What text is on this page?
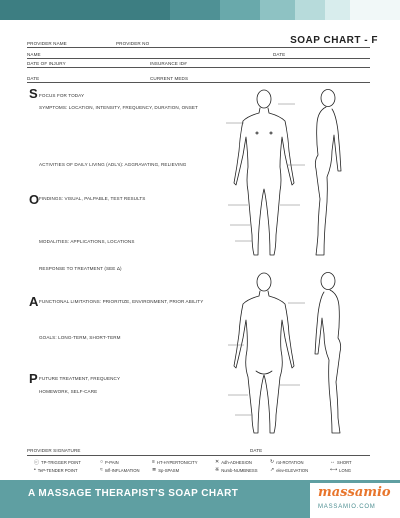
SOAP CHART - F
PROVIDER NAME	PROVIDER NO
NAME	DATE
DATE OF INJURY	INSURANCE ID#
DATE	CURRENT MEDS
S FOCUS FOR TODAY
SYMPTOMS: LOCATION, INTENSITY, FREQUENCY, DURATION, ONSET
ACTIVITIES OF DAILY LIVING (ADL's): AGGRAVATING, RELIEVING
O FINDINGS: VISUAL, PALPABLE, TEST RESULTS
MODALITIES: APPLICATIONS, LOCATIONS
RESPONSE TO TREATMENT (SEE Δ)
A FUNCTIONAL LIMITATIONS: PRIORITIZE, ENVIRONMENT, PRIOR ABILITY
GOALS: LONG-TERM, SHORT-TERM
P FUTURE TREATMENT, FREQUENCY
HOMEWORK, SELF-CARE
PROVIDER SIGNATURE	DATE
ⓒ TP-TRIGGER POINT	○ P-PAIN	≡ HT-HYPERTONICITY	✕ Adh-ADHESION	↻ rot-ROTATION	↔ SHORT
• TeP-TENDER POINT	≈ Infl-INFLAMATION ≣ Sp-SPASM	※ Numb-NUMBNESS ↗ elev-ELEVATION	⟷ LONG
A MASSAGE THERAPIST'S SOAP CHART	massamio
MASSAMIO.COM
